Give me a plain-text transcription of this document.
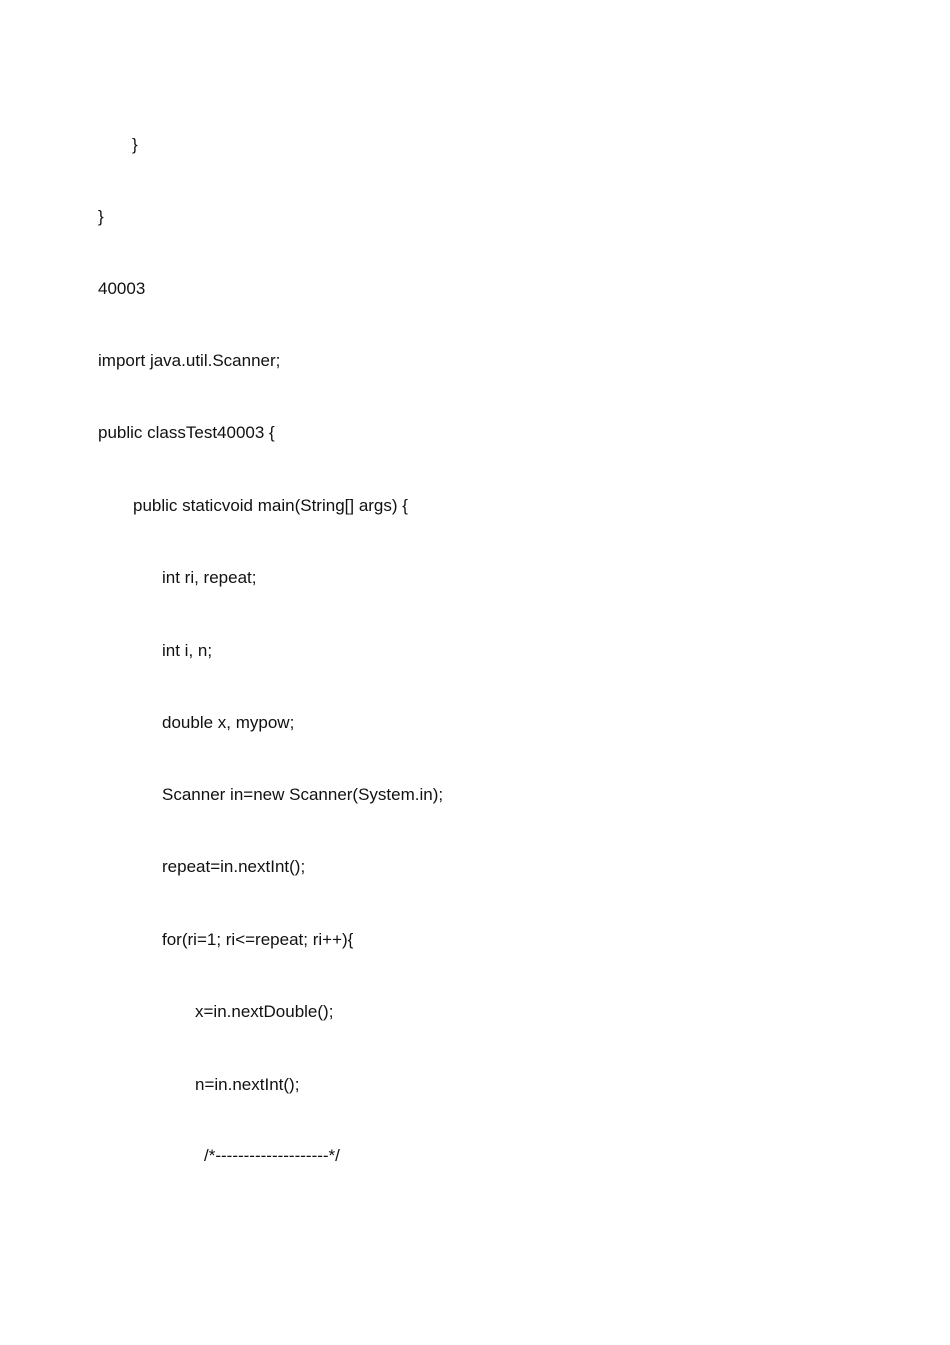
}
}
40003
import java.util.Scanner;
public classTest40003 {
public staticvoid main(String[] args) {
int ri, repeat;
int i, n;
double x, mypow;
Scanner in=new Scanner(System.in);
repeat=in.nextInt();
for(ri=1; ri<=repeat; ri++){
x=in.nextDouble();
n=in.nextInt();
/*--------------------*/
